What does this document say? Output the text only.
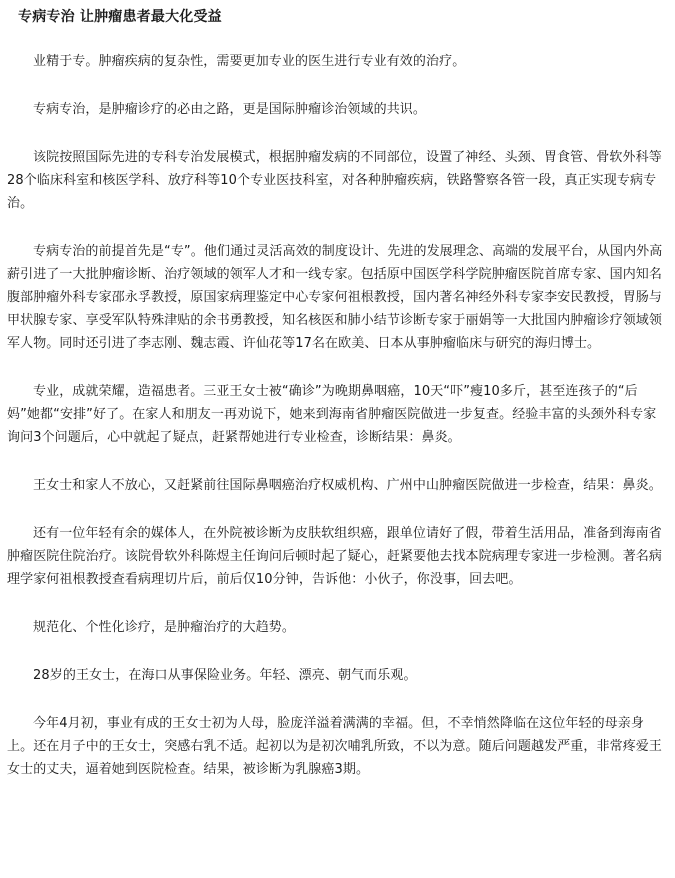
专病专治 让肿瘤患者最大化受益

业精于专。肿瘤疾病的复杂性，需要更加专业的医生进行专业有效的治疗。

专病专治，是肿瘤诊疗的必由之路，更是国际肿瘤诊治领域的共识。

该院按照国际先进的专科专治发展模式，根据肿瘤发病的不同部位，设置了神经、头颈、胃食管、骨软外科等28个临床科室和核医学科、放疗科等10个专业医技科室，对各种肿瘤疾病，铁路警察各管一段，真正实现专病专治。

专病专治的前提首先是“专”。他们通过灵活高效的制度设计、先进的发展理念、高端的发展平台，从国内外高薪引进了一大批肿瘤诊断、治疗领域的领军人才和一线专家。包括原中国医学科学院肿瘤医院首席专家、国内知名腹部肿瘤外科专家邵永孚教授，原国家病理鉴定中心专家何祖根教授，国内著名神经外科专家李安民教授，胃肠与甲状腺专家、享受军队特殊津贴的余书勇教授，知名核医和肺小结节诊断专家于丽娟等一大批国内肿瘤诊疗领域领军人物。同时还引进了李志刚、魏志霞、许仙花等17名在欧美、日本从事肿瘤临床与研究的海归博士。

专业，成就荣耀，造福患者。三亚王女士被“确诊”为晚期鼻咽癌，10天“吓”瘦10多斤，甚至连孩子的“后妈”她都“安排”好了。在家人和朋友一再劝说下，她来到海南省肿瘤医院做进一步复查。经验丰富的头颈外科专家询问3个问题后，心中就起了疑点，赶紧帮她进行专业检查，诊断结果：鼻炎。

王女士和家人不放心，又赶紧前往国际鼻咽癌治疗权威机构、广州中山肿瘤医院做进一步检查，结果：鼻炎。

还有一位年轻有余的媒体人，在外院被诊断为皮肤软组织癌，跟单位请好了假，带着生活用品，准备到海南省肿瘤医院住院治疗。该院骨软外科陈煜主任询问后顿时起了疑心，赶紧要他去找本院病理专家进一步检测。著名病理学家何祖根教授查看病理切片后，前后仅10分钟，告诉他：小伙子，你没事，回去吧。

规范化、个性化诊疗，是肿瘤治疗的大趋势。

28岁的王女士，在海口从事保险业务。年轻、漂亮、朝气而乐观。

今年4月初，事业有成的王女士初为人母，脸庞洋溢着满满的幸福。但，不幸悄然降临在这位年轻的母亲身上。还在月子中的王女士，突感右乳不适。起初以为是初次哺乳所致，不以为意。随后问题越发严重，非常疼爱王女士的丈夫，逼着她到医院检查。结果，被诊断为乳腺癌3期。
